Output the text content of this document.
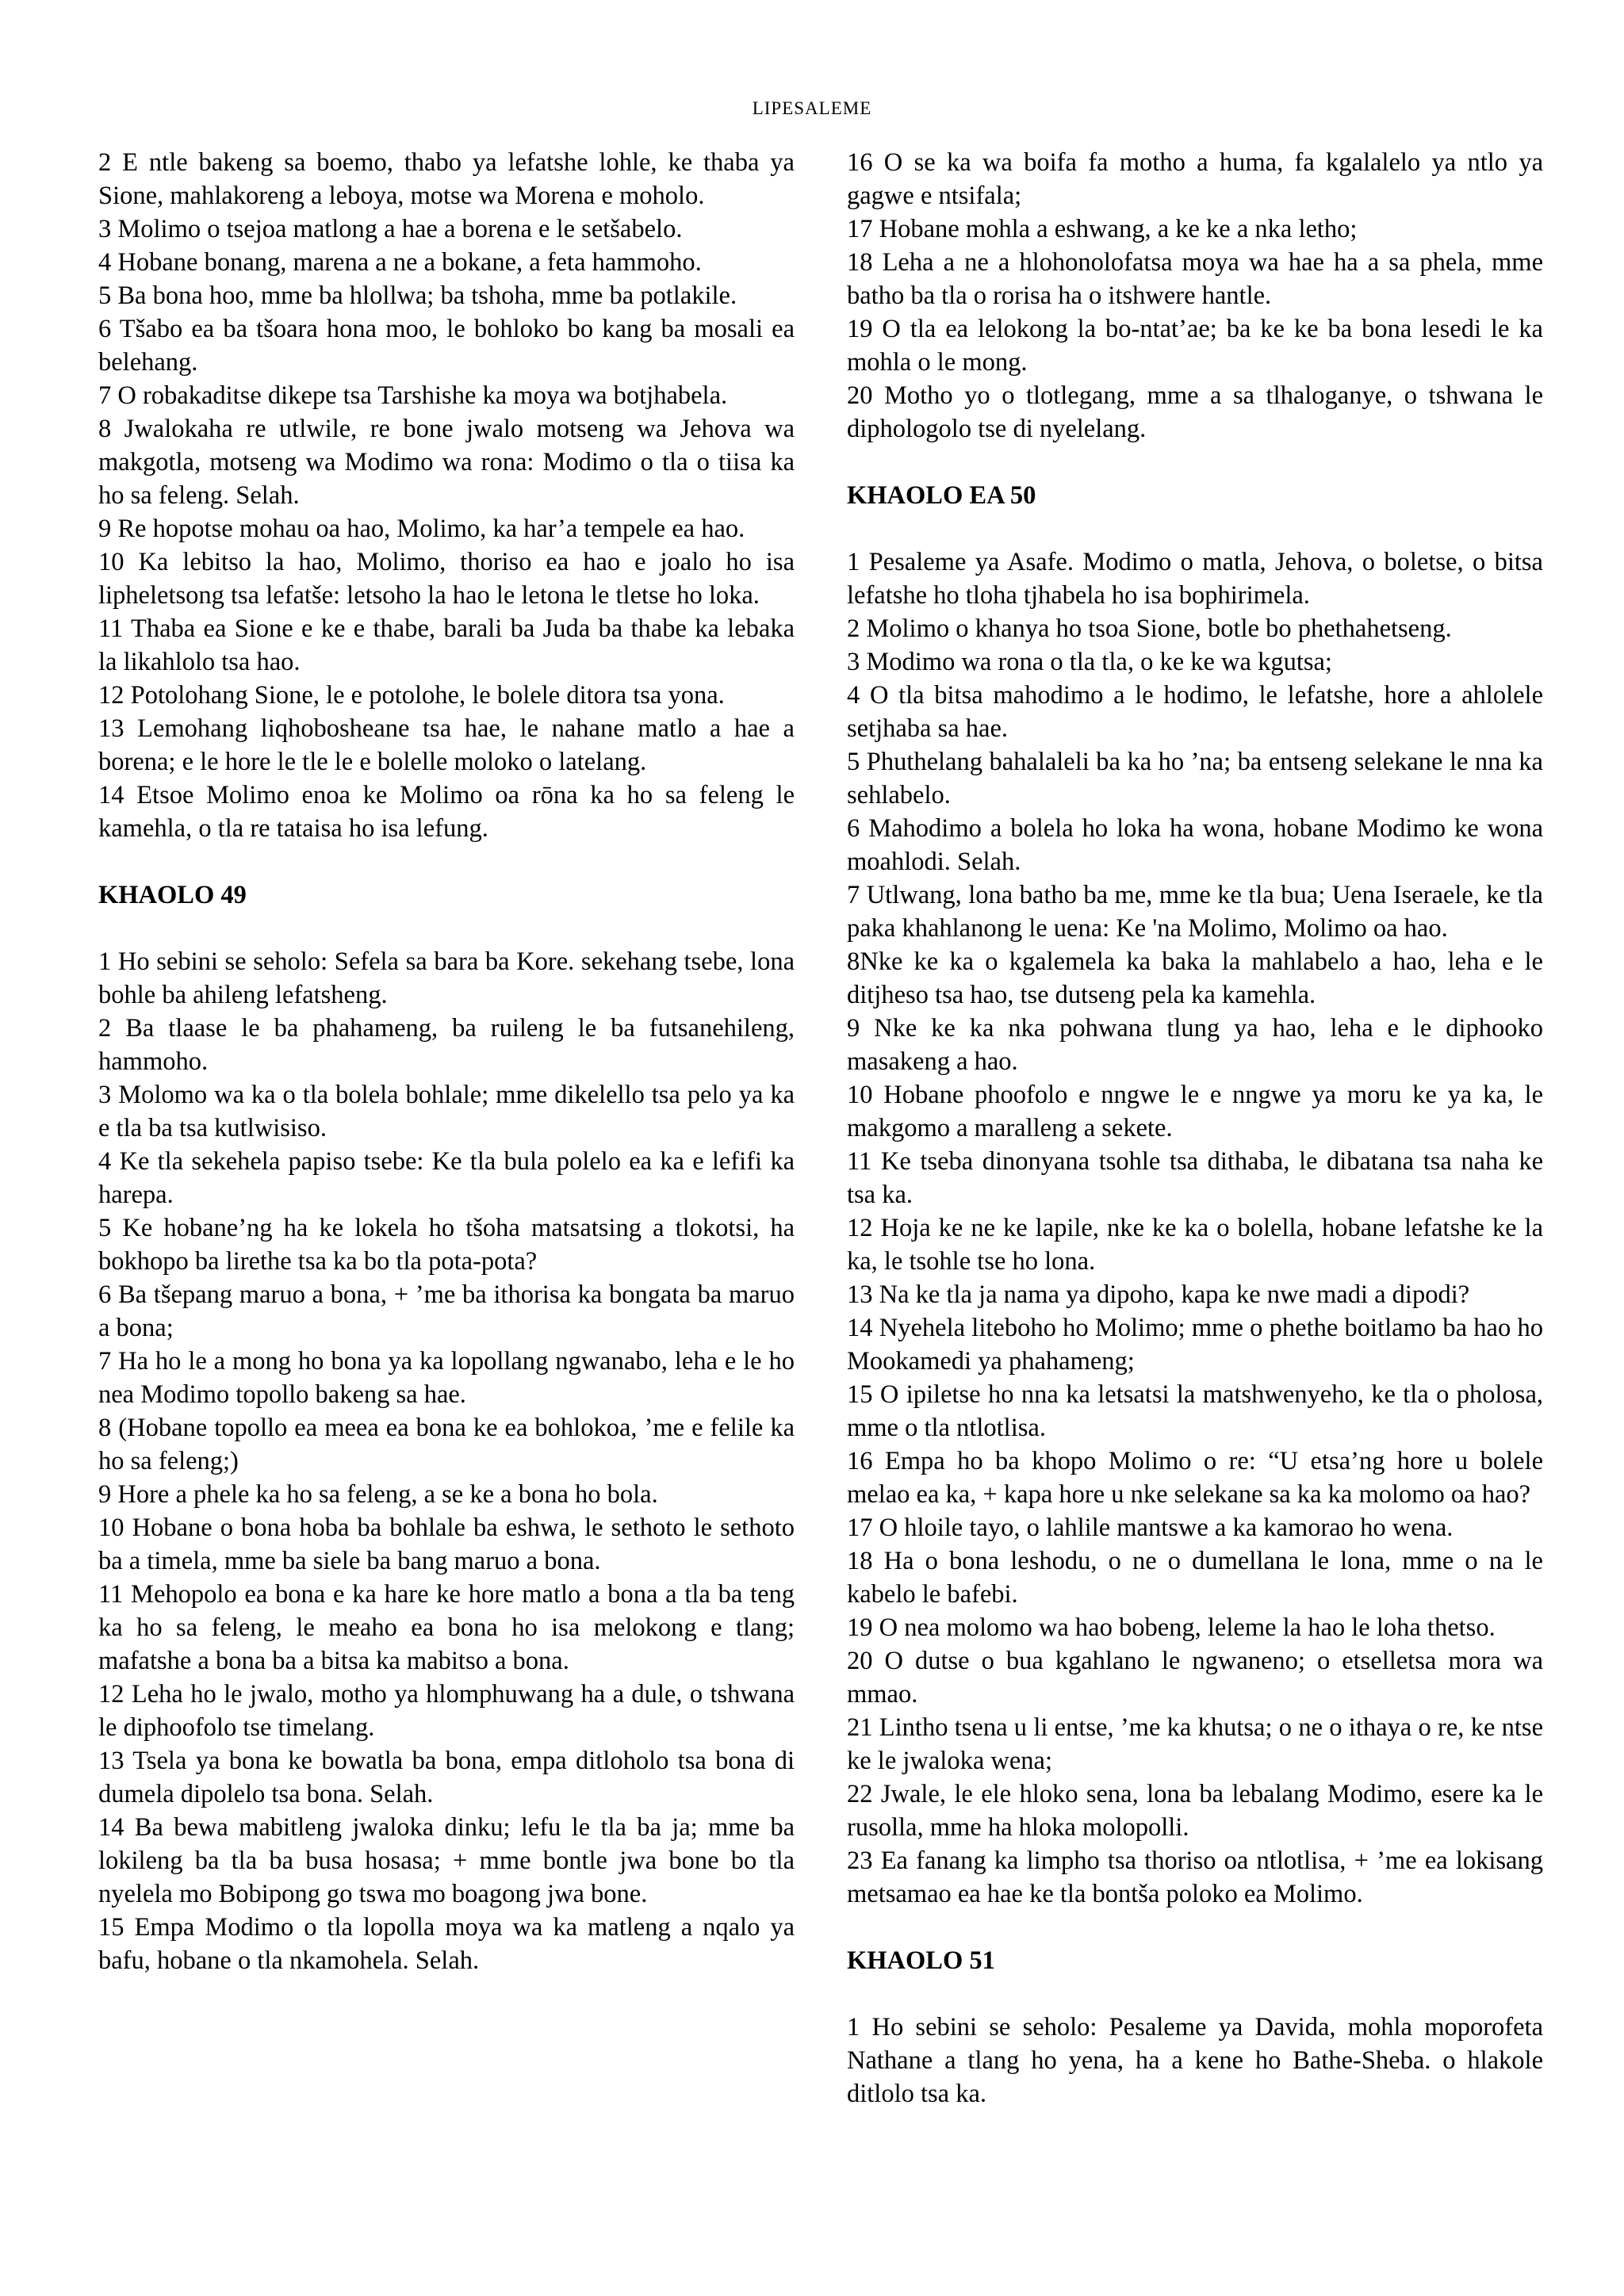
LIPESALEME

2 E ntle bakeng sa boemo, thabo ya lefatshe lohle, ke thaba ya Sione, mahlakoreng a leboya, motse wa Morena e moholo.

3 Molimo o tsejoa matlong a hae a borena e le setšabelo.

4 Hobane bonang, marena a ne a bokane, a feta hammoho.

5 Ba bona hoo, mme ba hlollwa; ba tshoha, mme ba potlakile.

6 Tšabo ea ba tšoara hona moo, le bohloko bo kang ba mosali ea belehang.

7 O robakaditse dikepe tsa Tarshishe ka moya wa botjhabela.

8 Jwalokaha re utlwile, re bone jwalo motseng wa Jehova wa makgotla, motseng wa Modimo wa rona: Modimo o tla o tiisa ka ho sa feleng. Selah.

9 Re hopotse mohau oa hao, Molimo, ka har’a tempele ea hao.

10 Ka lebitso la hao, Molimo, thoriso ea hao e joalo ho isa lipheletsong tsa lefatše: letsoho la hao le letona le tletse ho loka.

11 Thaba ea Sione e ke e thabe, barali ba Juda ba thabe ka lebaka la likahlolo tsa hao.

12 Potolohang Sione, le e potolohe, le bolele ditora tsa yona.

13 Lemohang liqhobosheane tsa hae, le nahane matlo a hae a borena; e le hore le tle le e bolelle moloko o latelang.

14 Etsoe Molimo enoa ke Molimo oa rōna ka ho sa feleng le kamehla, o tla re tataisa ho isa lefung.

KHAOLO 49

1 Ho sebini se seholo: Sefela sa bara ba Kore. sekehang tsebe, lona bohle ba ahileng lefatsheng.

2 Ba tlaase le ba phahameng, ba ruileng le ba futsanehileng, hammoho.

3 Molomo wa ka o tla bolela bohlale; mme dikelello tsa pelo ya ka e tla ba tsa kutlwisiso.

4 Ke tla sekehela papiso tsebe: Ke tla bula polelo ea ka e lefifi ka harepa.

5 Ke hobane’ng ha ke lokela ho tšoha matsatsing a tlokotsi, ha bokhopo ba lirethe tsa ka bo tla pota-pota?

6 Ba tšepang maruo a bona, + ’me ba ithorisa ka bongata ba maruo a bona;

7 Ha ho le a mong ho bona ya ka lopollang ngwanabo, leha e le ho nea Modimo topollo bakeng sa hae.

8 (Hobane topollo ea meea ea bona ke ea bohlokoa, ’me e felile ka ho sa feleng;)

9 Hore a phele ka ho sa feleng, a se ke a bona ho bola.

10 Hobane o bona hoba ba bohlale ba eshwa, le sethoto le sethoto ba a timela, mme ba siele ba bang maruo a bona.

11 Mehopolo ea bona e ka hare ke hore matlo a bona a tla ba teng ka ho sa feleng, le meaho ea bona ho isa melokong e tlang; mafatshe a bona ba a bitsa ka mabitso a bona.

12 Leha ho le jwalo, motho ya hlomphuwang ha a dule, o tshwana le diphoofolo tse timelang.

13 Tsela ya bona ke bowatla ba bona, empa ditloholo tsa bona di dumela dipolelo tsa bona. Selah.

14 Ba bewa mabitleng jwaloka dinku; lefu le tla ba ja; mme ba lokileng ba tla ba busa hosasa; + mme bontle jwa bone bo tla nyelela mo Bobipong go tswa mo boagong jwa bone.

15 Empa Modimo o tla lopolla moya wa ka matleng a nqalo ya bafu, hobane o tla nkamohela. Selah.

16 O se ka wa boifa fa motho a huma, fa kgalalelo ya ntlo ya gagwe e ntsifala;

17 Hobane mohla a eshwang, a ke ke a nka letho;

18 Leha a ne a hlohonolofatsa moya wa hae ha a sa phela, mme batho ba tla o rorisa ha o itshwere hantle.

19 O tla ea lelokong la bo-ntat’ae; ba ke ke ba bona lesedi le ka mohla o le mong.

20 Motho yo o tlotlegang, mme a sa tlhaloganye, o tshwana le diphologolo tse di nyelelang.

KHAOLO EA 50

1 Pesaleme ya Asafe. Modimo o matla, Jehova, o boletse, o bitsa lefatshe ho tloha tjhabela ho isa bophirimela.

2 Molimo o khanya ho tsoa Sione, botle bo phethahetseng.

3 Modimo wa rona o tla tla, o ke ke wa kgutsa;

4 O tla bitsa mahodimo a le hodimo, le lefatshe, hore a ahlolele setjhaba sa hae.

5 Phuthelang bahalaleli ba ka ho ’na; ba entseng selekane le nna ka sehlabelo.

6 Mahodimo a bolela ho loka ha wona, hobane Modimo ke wona moahlodi. Selah.

7 Utlwang, lona batho ba me, mme ke tla bua; Uena Iseraele, ke tla paka khahlanong le uena: Ke 'na Molimo, Molimo oa hao.

8Nke ke ka o kgalemela ka baka la mahlabelo a hao, leha e le ditjheso tsa hao, tse dutseng pela ka kamehla.

9 Nke ke ka nka pohwana tlung ya hao, leha e le diphooko masakeng a hao.

10 Hobane phoofolo e nngwe le e nngwe ya moru ke ya ka, le makgomo a maralleng a sekete.

11 Ke tseba dinonyana tsohle tsa dithaba, le dibatana tsa naha ke tsa ka.

12 Hoja ke ne ke lapile, nke ke ka o bolella, hobane lefatshe ke la ka, le tsohle tse ho lona.

13 Na ke tla ja nama ya dipoho, kapa ke nwe madi a dipodi?

14 Nyehela liteboho ho Molimo; mme o phethe boitlamo ba hao ho Mookamedi ya phahameng;

15 O ipiletse ho nna ka letsatsi la matshwenyeho, ke tla o pholosa, mme o tla ntlotlisa.

16 Empa ho ba khopo Molimo o re: “U etsa’ng hore u bolele melao ea ka, + kapa hore u nke selekane sa ka ka molomo oa hao?

17 O hloile tayo, o lahlile mantswe a ka kamorao ho wena.

18 Ha o bona leshodu, o ne o dumellana le lona, mme o na le kabelo le bafebi.

19 O nea molomo wa hao bobeng, leleme la hao le loha thetso.

20 O dutse o bua kgahlano le ngwaneno; o etselletsa mora wa mmao.

21 Lintho tsena u li entse, ’me ka khutsa; o ne o ithaya o re, ke ntse ke le jwaloka wena;

22 Jwale, le ele hloko sena, lona ba lebalang Modimo, esere ka le rusolla, mme ha hloka molopolli.

23 Ea fanang ka limpho tsa thoriso oa ntlotlisa, + ’me ea lokisang metsamao ea hae ke tla bontša poloko ea Molimo.

KHAOLO 51

1 Ho sebini se seholo: Pesaleme ya Davida, mohla moporofeta Nathane a tlang ho yena, ha a kene ho Bathe-Sheba. o hlakole ditlolo tsa ka.
